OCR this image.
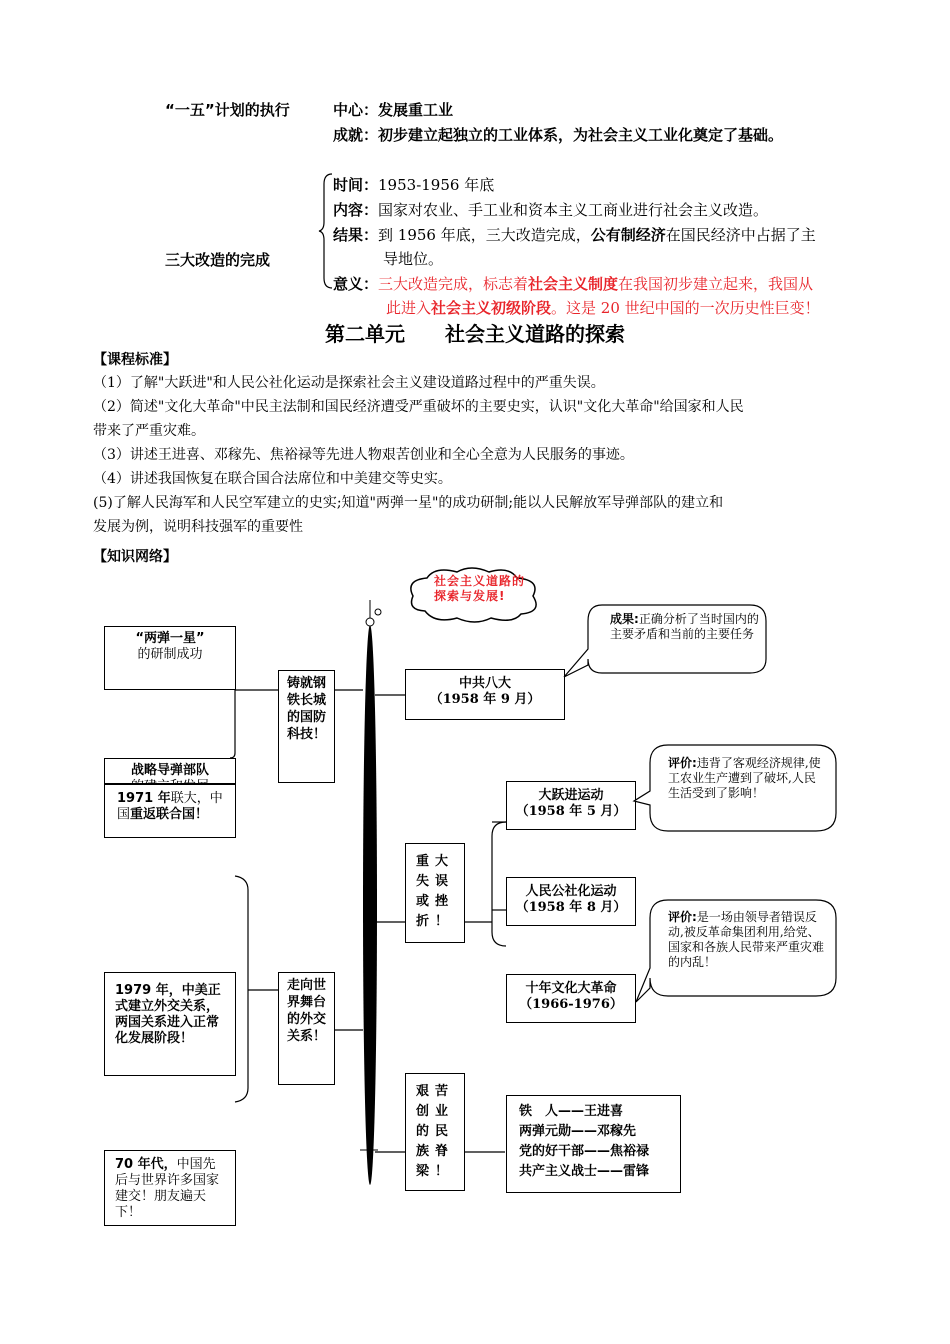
“一五”计划的执行	中心：发展重工业
成就：初步建立起独立的工业体系，为社会主义工业化奠定了基础。
三大改造的完成
时间：1953-1956 年底
内容：国家对农业、手工业和资本主义工商业进行社会主义改造。
结果：到 1956 年底，三大改造完成，公有制经济在国民经济中占据了主
导地位。
意义：三大改造完成，标志着社会主义制度在我国初步建立起来，我国从
此进入社会主义初级阶段。这是 20 世纪中国的一次历史性巨变！
第二单元　　社会主义道路的探索
【课程标准】
（1）了解"大跃进"和人民公社化运动是探索社会主义建设道路过程中的严重失误。
（2）简述"文化大革命"中民主法制和国民经济遭受严重破坏的主要史实，认识"文化大革命"给国家和人民
带来了严重灾难。
（3）讲述王进喜、邓稼先、焦裕禄等先进人物艰苦创业和全心全意为人民服务的事迹。
（4）讲述我国恢复在联合国合法席位和中美建交等史实。
(5)了解人民海军和人民空军建立的史实;知道"两弹一星"的成功研制;能以人民解放军导弹部队的建立和
发展为例，说明科技强军的重要性
【知识网络】
社会主义道路的探索与发展!
“两弹一星”
的研制成功
战略导弹部队
1971 年联大，中
国重返联合国！
1979 年，中美正式建立外交关系，两国关系进入正常化发展阶段！
70 年代，中国先后与世界许多国家建交！朋友遍天下！
铸就钢铁长城的国防科技！
走向世界舞台的外交关系！
重大失误或挫折！
艰苦创业的民族脊梁！
中共八大
（1958 年 9 月）
大跃进运动
（1958 年 5 月）
人民公社化运动
（1958 年 8 月）
十年文化大革命
（1966-1976）
铁　人——王进喜
两弹元勋——邓稼先
党的好干部——焦裕禄
共产主义战士——雷锋
成果:正确分析了当时国内的主要矛盾和当前的主要任务
评价:违背了客观经济规律,使工农业生产遭到了破坏,人民生活受到了影响！
评价:是一场由领导者错误反动,被反革命集团利用,给党、国家和各族人民带来严重灾难的内乱！
